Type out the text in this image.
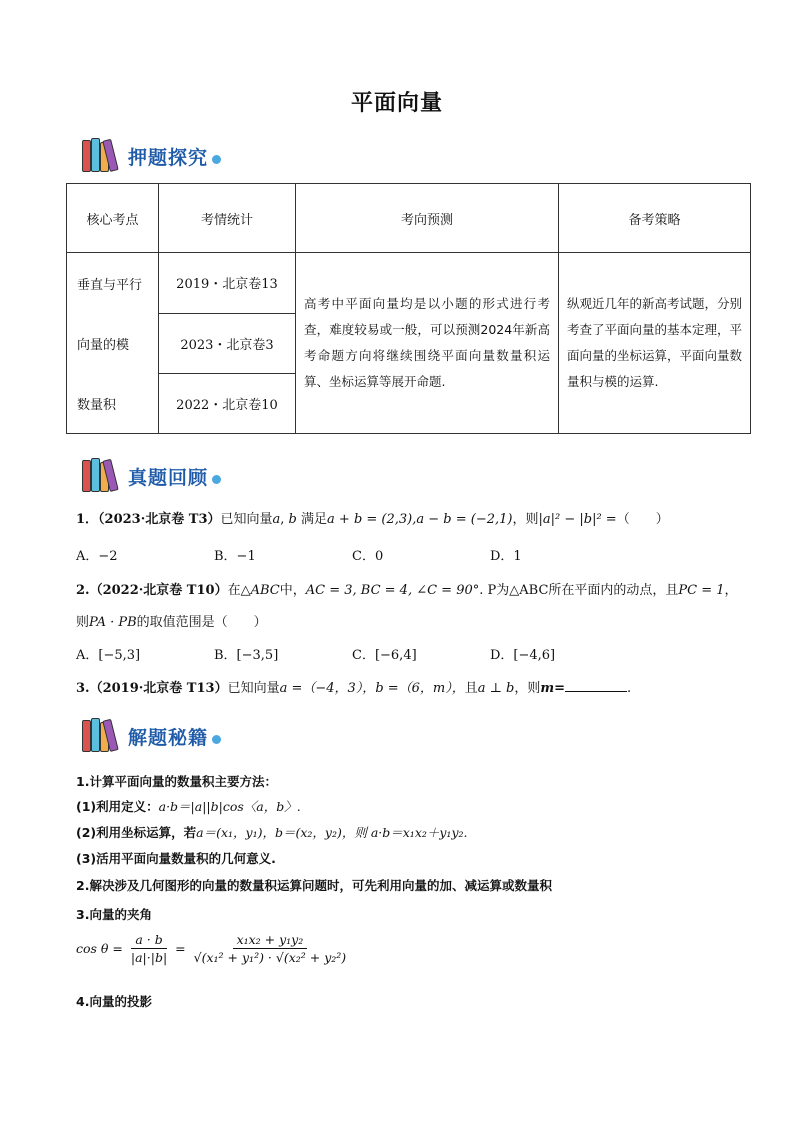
平面向量
押题探究
核心考点	考情统计	考向预测	备考策略
垂直与平行	2019・北京卷13	高考中平面向量均是以小题的形式进行考查，难度较易或一般，可以预测2024年新高考命题方向将继续围绕平面向量数量积运算、坐标运算等展开命题.	纵观近几年的新高考试题，分别考查了平面向量的基本定理，平面向量的坐标运算，平面向量数量积与模的运算.
向量的模	2023・北京卷3		
数量积	2022・北京卷10		
真题回顾
1．（2023·北京卷 T3）已知向量a, b 满足a + b = (2,3),a − b = (−2,1)，则|a|² − |b|² =（　　）
A．−2	B．−1	C．0	D．1
2.（2022·北京卷 T10）在△ABC中，AC = 3, BC = 4, ∠C = 90°. P为△ABC所在平面内的动点，且PC = 1，
则PA · PB的取值范围是（　　）
A．[−5,3]	B．[−3,5]	C．[−6,4]	D．[−4,6]
3.（2019·北京卷 T13）已知向量a =（−4，3），b =（6，m），且a ⊥ b，则m=	.
解题秘籍
1.计算平面向量的数量积主要方法：
(1)利用定义：a·b＝|a||b|cos〈a，b〉.
(2)利用坐标运算，若a＝(x₁，y₁)，b＝(x₂，y₂)，则 a·b＝x₁x₂＋y₁y₂.
(3)活用平面向量数量积的几何意义.
2.解决涉及几何图形的向量的数量积运算问题时，可先利用向量的加、减运算或数量积
3.向量的夹角
$\cos \theta = \frac{a \cdot b}{|a|\cdot|b|} = \frac{\text{x₁x₂ + y₁y₂}}{\text{√(x₁² + y₁²) · √(x₂² + y₂²)}}$
4.向量的投影
